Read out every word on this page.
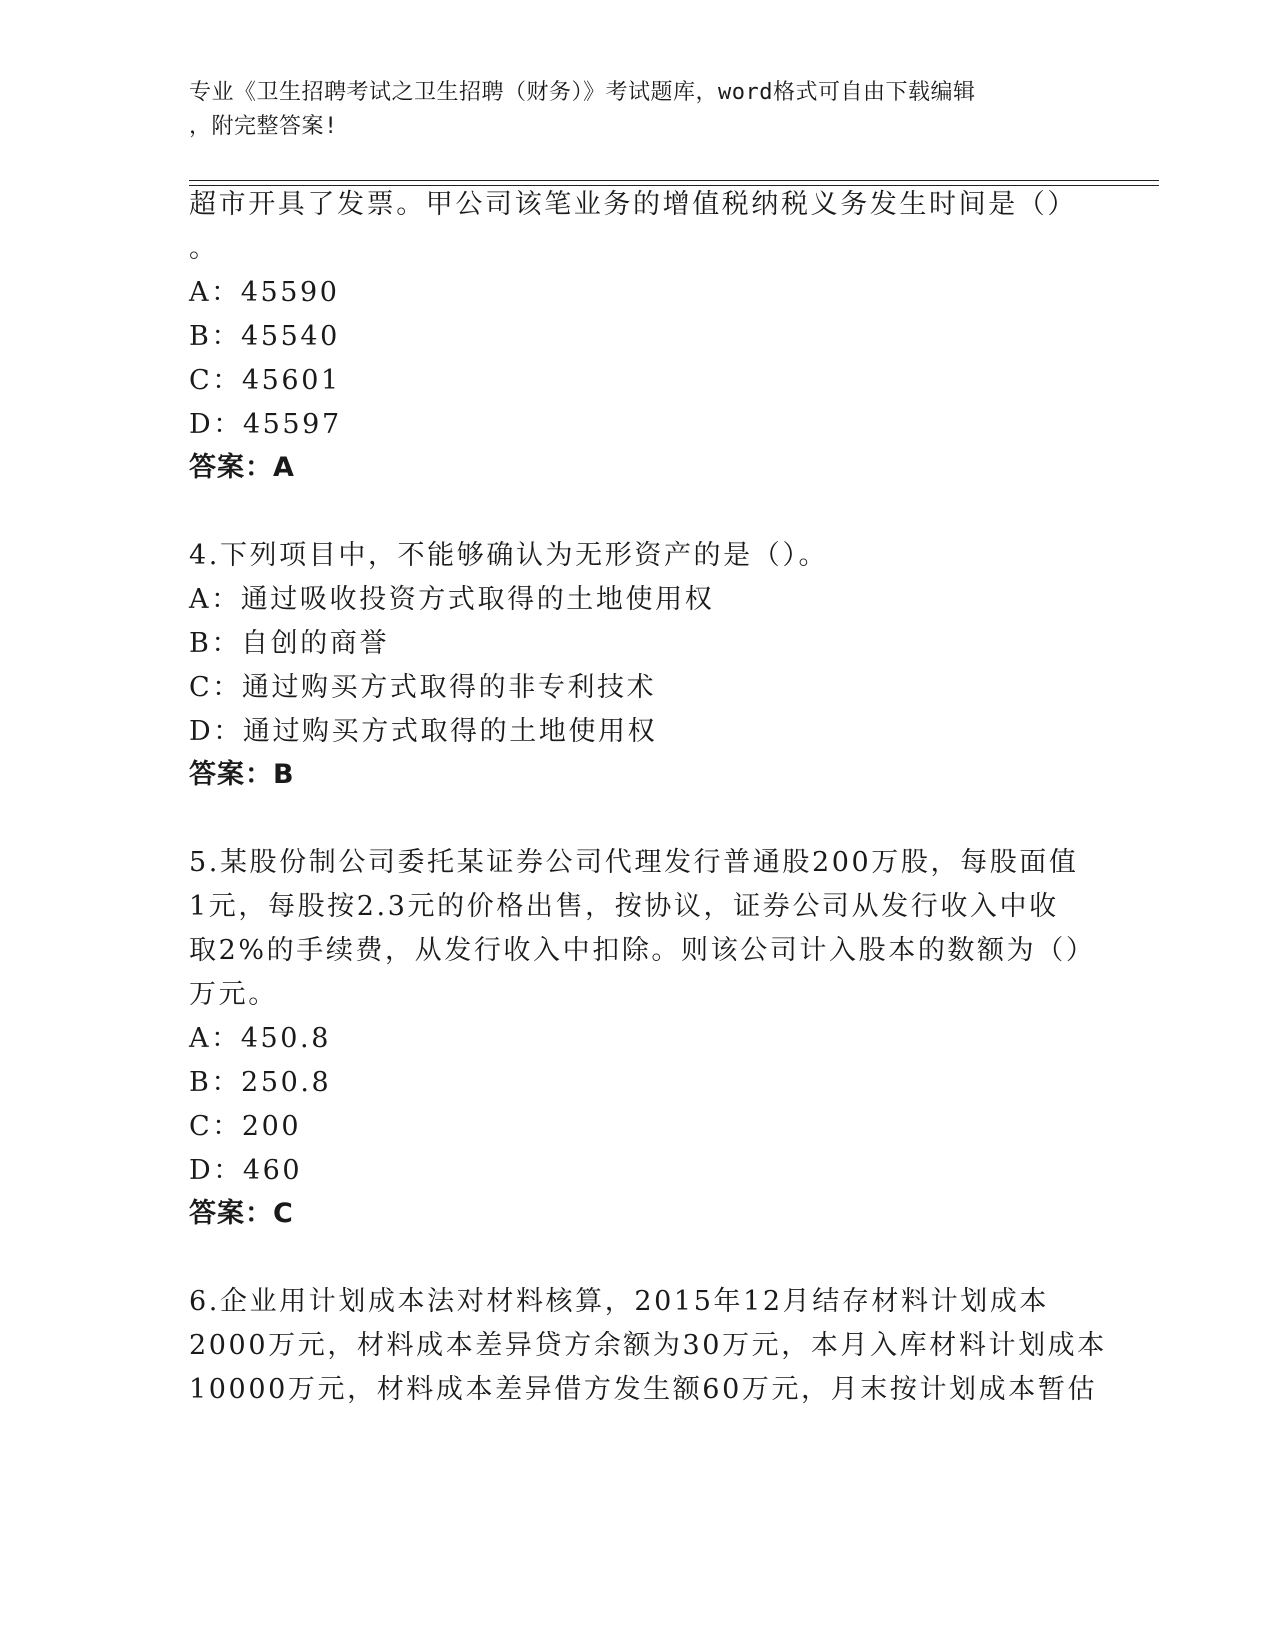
专业《卫生招聘考试之卫生招聘（财务）》考试题库，word格式可自由下载编辑
，附完整答案!
超市开具了发票。甲公司该笔业务的增值税纳税义务发生时间是（）
。
A：45590
B：45540
C：45601
D：45597
答案：A
4.下列项目中，不能够确认为无形资产的是（）。
A：通过吸收投资方式取得的土地使用权
B：自创的商誉
C：通过购买方式取得的非专利技术
D：通过购买方式取得的土地使用权
答案：B
5.某股份制公司委托某证券公司代理发行普通股200万股，每股面值
1元，每股按2.3元的价格出售，按协议，证券公司从发行收入中收
取2%的手续费，从发行收入中扣除。则该公司计入股本的数额为（）
万元。
A：450.8
B：250.8
C：200
D：460
答案：C
6.企业用计划成本法对材料核算，2015年12月结存材料计划成本
2000万元，材料成本差异贷方余额为30万元，本月入库材料计划成本
10000万元，材料成本差异借方发生额60万元，月末按计划成本暂估
